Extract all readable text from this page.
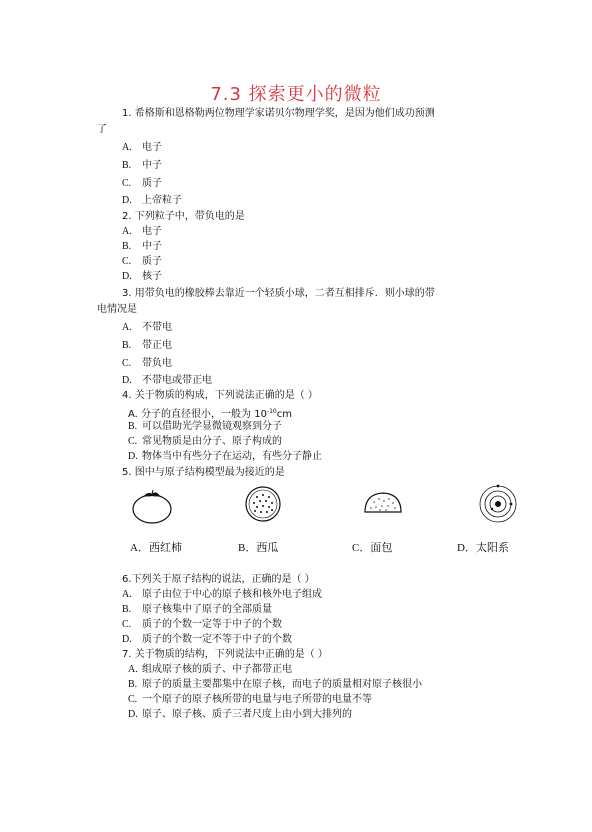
7.3 探索更小的微粒
1. 希格斯和恩格勒两位物理学家诺贝尔物理学奖，是因为他们成功预测
了
A. 电子
B. 中子
C. 质子
D. 上帝粒子
2. 下列粒子中，带负电的是
A. 电子
B. 中子
C. 质子
D. 核子
3. 用带负电的橡胶棒去靠近一个轻质小球，二者互相排斥．则小球的带
电情况是
A. 不带电
B. 带正电
C. 带负电
D. 不带电或带正电
4. 关于物质的构成，下列说法正确的是（ ）
A. 分子的直径很小，一般为 $10^{-10}cm$
B. 可以借助光学显微镜观察到分子
C. 常见物质是由分子、原子构成的
D. 物体当中有些分子在运动，有些分子静止
5. 图中与原子结构模型最为接近的是
A．西红柿	B．西瓜	C．面包	D．太阳系
6.下列关于原子结构的说法，正确的是（ ）
A. 原子由位于中心的原子核和核外电子组成
B. 原子核集中了原子的全部质量
C. 质子的个数一定等于中子的个数
D. 质子的个数一定不等于中子的个数
7. 关于物质的结构，下列说法中正确的是（ ）
A. 组成原子核的质子、中子都带正电
B. 原子的质量主要都集中在原子核，而电子的质量相对原子核很小
C. 一个原子的原子核所带的电量与电子所带的电量不等
D. 原子、原子核、质子三者尺度上由小到大排列的
